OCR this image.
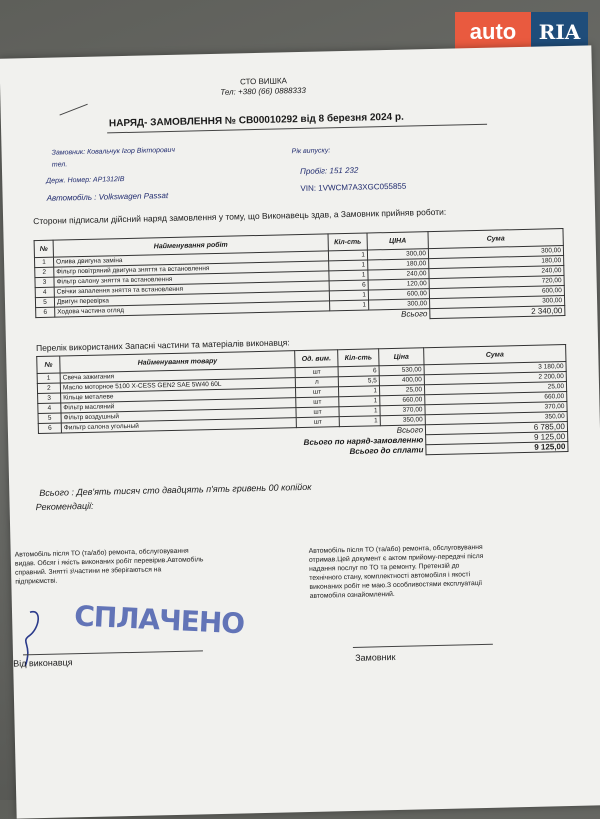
auto	RIA
СТО ВИШКА
Тел: +380 (66) 0888333
НАРЯД- ЗАМОВЛЕННЯ № СВ00010292 від 8 березня 2024 р.
Замовник: Ковальчук Ігор Вікторович
тел.
Держ. Номер: АР1312ІВ
Автомобіль : Volkswagen Passat
Рік випуску:
Пробіг: 151 232
VIN: 1VWCM7A3XGC055855
Сторони підписали дійсний наряд замовлення у тому, що Виконавець здав, а Замовник прийняв роботи:
№	Найменування робіт	Кіл-сть	ЦІНА	Сума
1	Олива двигуна заміна	1	300,00	300,00
2	Фільтр повітряний двигуна зняття та встановлення	1	180,00	180,00
3	Фільтр салону зняття та встановлення	1	240,00	240,00
4	Свічки запалення зняття та встановлення	6	120,00	720,00
5	Двигун перевірка	1	600,00	600,00
6	Ходова частина огляд	1	300,00	300,00
			Всього	2 340,00
Перелік використаних Запасні частини та матеріалів виконавця:
№	Найменування товару	Од. вим.	Кіл-сть	Ціна	Сума
1	Свеча зажигания	шт	6	530,00	3 180,00
2	Масло моторное 5100 X-CESS GEN2 SAE 5W40 60L	л	5,5	400,00	2 200,00
3	Кільце металеве	шт	1	25,00	25,00
4	Фільтр масляний	шт	1	660,00	660,00
5	Фільтр воздушный	шт	1	370,00	370,00
6	Фильтр салона угольный	шт	1	350,00	350,00
				Всього	6 785,00
Всього по наряд-замовленню					9 125,00
Всього до сплати					9 125,00
Всього : Дев'ять тисяч сто двадцять п'ять гривень 00 копійок
Рекомендації:
Автомобіль після ТО (та/або) ремонта, обслуговування видав. Обсяг і якість виконаних робіт перевірив.Автомобіль справний. Знятті з\частини не зберігаються на підприємстві.
Автомобіль після ТО (та/або) ремонта, обслуговування отримав.Цей документ є актом прийому-передачі після надання послуг по ТО та ремонту. Претензій до технічного стану, комплектності автомобіля і якості виконаних робіт не маю.З особливостями експлуатації автомобіля ознайомлений.
СПЛАЧЕНО
Від виконавця	Замовник
